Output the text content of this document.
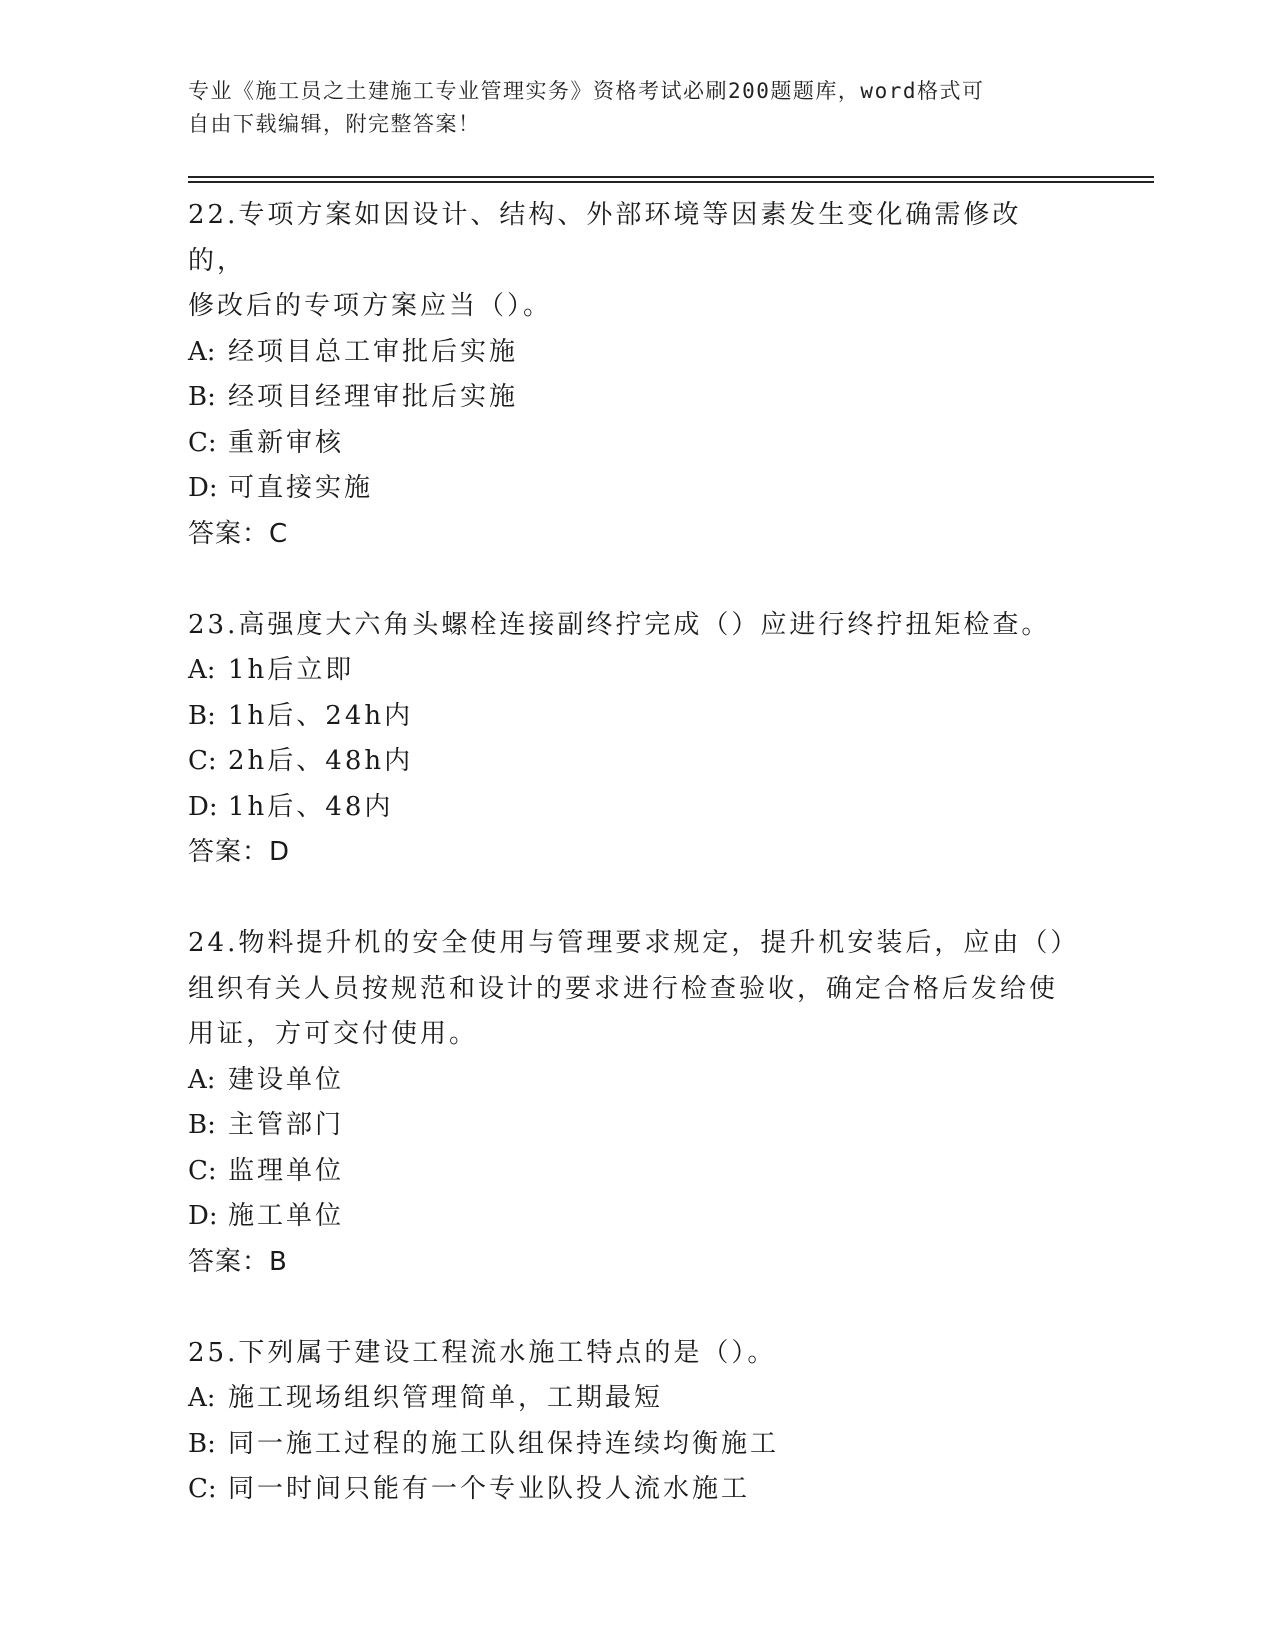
专业《施工员之土建施工专业管理实务》资格考试必刷200题题库，word格式可
自由下载编辑，附完整答案！
22.专项方案如因设计、结构、外部环境等因素发生变化确需修改的，
修改后的专项方案应当（）。
A: 经项目总工审批后实施
B: 经项目经理审批后实施
C: 重新审核
D: 可直接实施
答案：C
23.高强度大六角头螺栓连接副终拧完成（）应进行终拧扭矩检查。
A: 1h后立即
B: 1h后、24h内
C: 2h后、48h内
D: 1h后、48内
答案：D
24.物料提升机的安全使用与管理要求规定，提升机安装后，应由（）
组织有关人员按规范和设计的要求进行检查验收，确定合格后发给使
用证，方可交付使用。
A: 建设单位
B: 主管部门
C: 监理单位
D: 施工单位
答案：B
25.下列属于建设工程流水施工特点的是（）。
A: 施工现场组织管理简单，工期最短
B: 同一施工过程的施工队组保持连续均衡施工
C: 同一时间只能有一个专业队投人流水施工
